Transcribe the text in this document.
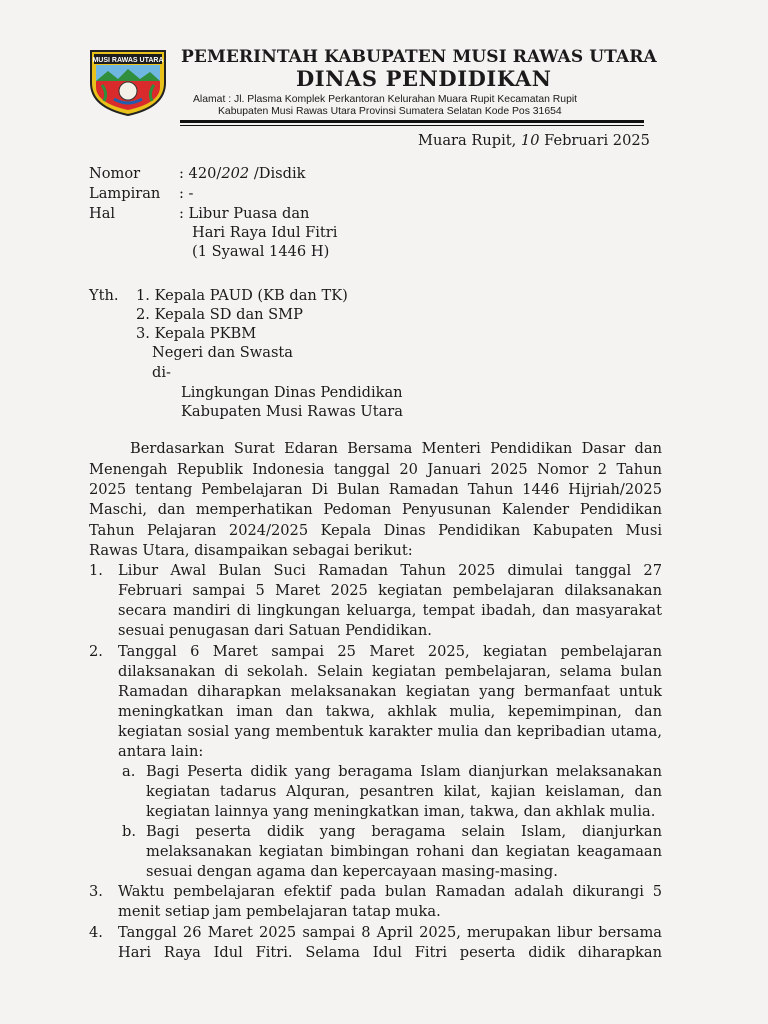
MUSI RAWAS UTARA PEMERINTAH KABUPATEN MUSI RAWAS UTARA
DINAS PENDIDIKAN
Alamat : Jl. Plasma Komplek Perkantoran Kelurahan Muara Rupit Kecamatan Rupit
Kabupaten Musi Rawas Utara Provinsi Sumatera Selatan Kode Pos 31654
Muara Rupit, 10 Februari 2025
Nomor	: 420/202 /Disdik
Lampiran : -
Hal	: Libur Puasa dan
Hari Raya Idul Fitri
(1 Syawal 1446 H)
Yth. 1. Kepala PAUD (KB dan TK)
2. Kepala SD dan SMP
3. Kepala PKBM
Negeri dan Swasta
di-
Lingkungan Dinas Pendidikan
Kabupaten Musi Rawas Utara
Berdasarkan Surat Edaran Bersama Menteri Pendidikan Dasar dan
Menengah Republik Indonesia tanggal 20 Januari 2025 Nomor 2 Tahun
2025 tentang Pembelajaran Di Bulan Ramadan Tahun 1446 Hijriah/2025
Maschi, dan memperhatikan Pedoman Penyusunan Kalender Pendidikan
Tahun Pelajaran 2024/2025 Kepala Dinas Pendidikan Kabupaten Musi
Rawas Utara, disampaikan sebagai berikut:
1. Libur Awal Bulan Suci Ramadan Tahun 2025 dimulai tanggal 27
Februari sampai 5 Maret 2025 kegiatan pembelajaran dilaksanakan
secara mandiri di lingkungan keluarga, tempat ibadah, dan masyarakat
sesuai penugasan dari Satuan Pendidikan.
2. Tanggal 6 Maret sampai 25 Maret 2025, kegiatan pembelajaran
dilaksanakan di sekolah. Selain kegiatan pembelajaran, selama bulan
Ramadan diharapkan melaksanakan kegiatan yang bermanfaat untuk
meningkatkan iman dan takwa, akhlak mulia, kepemimpinan, dan
kegiatan sosial yang membentuk karakter mulia dan kepribadian utama,
antara lain:
a. Bagi Peserta didik yang beragama Islam dianjurkan melaksanakan
kegiatan tadarus Alquran, pesantren kilat, kajian keislaman, dan
kegiatan lainnya yang meningkatkan iman, takwa, dan akhlak mulia.
b. Bagi peserta didik yang beragama selain Islam, dianjurkan
melaksanakan kegiatan bimbingan rohani dan kegiatan keagamaan
sesuai dengan agama dan kepercayaan masing-masing.
3. Waktu pembelajaran efektif pada bulan Ramadan adalah dikurangi 5
menit setiap jam pembelajaran tatap muka.
4. Tanggal 26 Maret 2025 sampai 8 April 2025, merupakan libur bersama
Hari Raya Idul Fitri. Selama Idul Fitri peserta didik diharapkan
